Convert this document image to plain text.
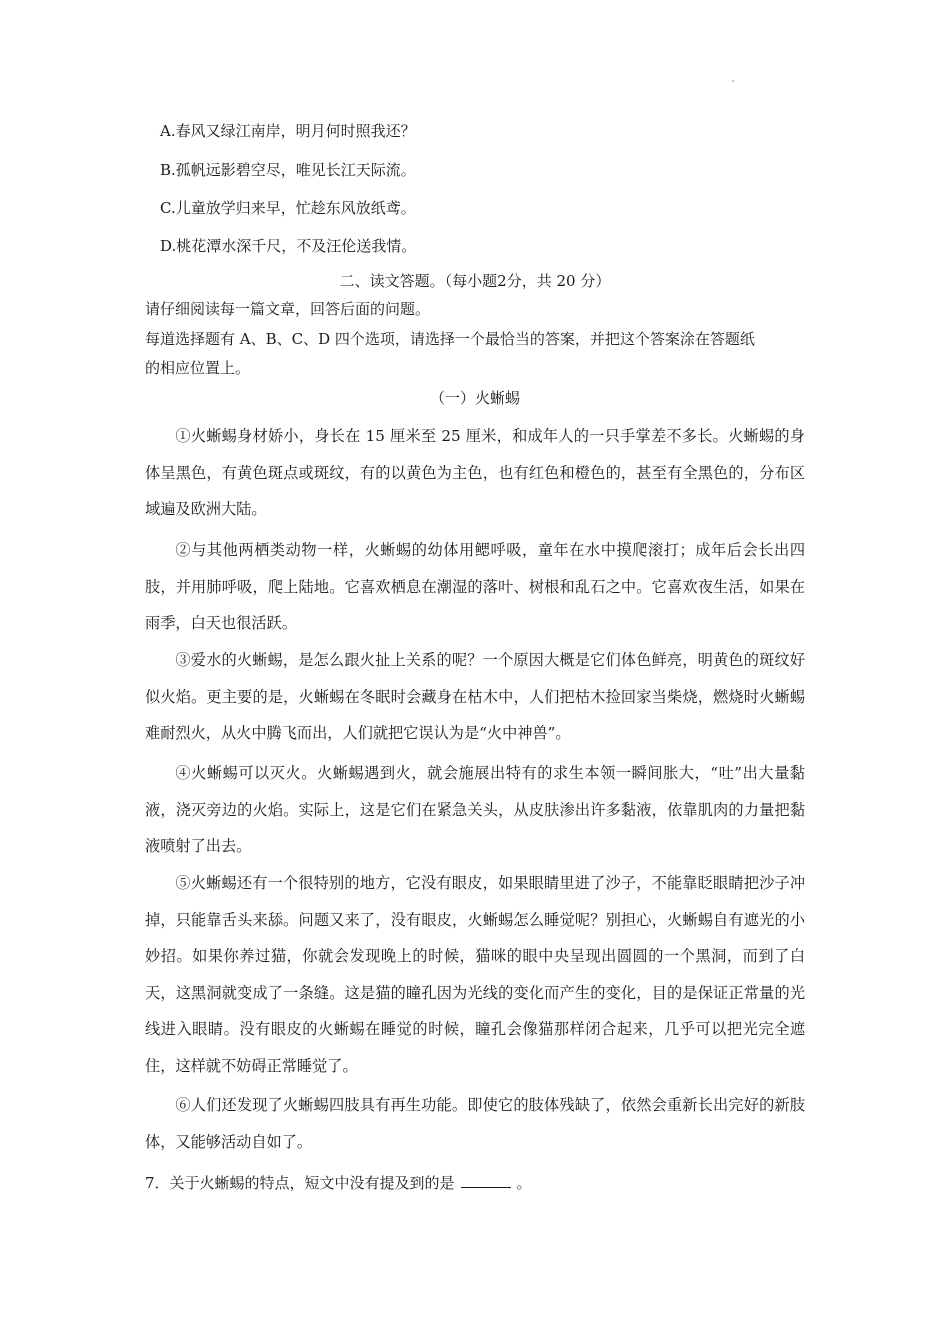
A.春风又绿江南岸，明月何时照我还？
B.孤帆远影碧空尽，唯见长江天际流。
C.儿童放学归来早，忙趁东风放纸鸢。
D.桃花潭水深千尺，不及汪伦送我情。
二、读文答题。（每小题2分，共 20 分）
请仔细阅读每一篇文章，回答后面的问题。
每道选择题有 A、B、C、D 四个选项，请选择一个最恰当的答案，并把这个答案涂在答题纸
的相应位置上。
（一）火蜥蜴
①火蜥蜴身材娇小，身长在 15 厘米至 25 厘米，和成年人的一只手掌差不多长。火蜥蜴的身体呈黑色，有黄色斑点或斑纹，有的以黄色为主色，也有红色和橙色的，甚至有全黑色的，分布区域遍及欧洲大陆。
②与其他两栖类动物一样，火蜥蜴的幼体用鳃呼吸，童年在水中摸爬滚打；成年后会长出四肢，并用肺呼吸，爬上陆地。它喜欢栖息在潮湿的落叶、树根和乱石之中。它喜欢夜生活，如果在雨季，白天也很活跃。
③爱水的火蜥蜴，是怎么跟火扯上关系的呢？一个原因大概是它们体色鲜亮，明黄色的斑纹好似火焰。更主要的是，火蜥蜴在冬眠时会藏身在枯木中，人们把枯木捡回家当柴烧，燃烧时火蜥蜴难耐烈火，从火中腾飞而出，人们就把它误认为是“火中神兽”。
④火蜥蜴可以灭火。火蜥蜴遇到火，就会施展出特有的求生本领一瞬间胀大，“吐”出大量黏液，浇灭旁边的火焰。实际上，这是它们在紧急关头，从皮肤渗出许多黏液，依靠肌肉的力量把黏液喷射了出去。
⑤火蜥蜴还有一个很特别的地方，它没有眼皮，如果眼睛里进了沙子，不能靠眨眼睛把沙子冲掉，只能靠舌头来舔。问题又来了，没有眼皮，火蜥蜴怎么睡觉呢？别担心，火蜥蜴自有遮光的小妙招。如果你养过猫，你就会发现晚上的时候，猫咪的眼中央呈现出圆圆的一个黑洞，而到了白天，这黑洞就变成了一条缝。这是猫的瞳孔因为光线的变化而产生的变化，目的是保证正常量的光线进入眼睛。没有眼皮的火蜥蜴在睡觉的时候，瞳孔会像猫那样闭合起来，几乎可以把光完全遮住，这样就不妨碍正常睡觉了。
⑥人们还发现了火蜥蜴四肢具有再生功能。即使它的肢体残缺了，依然会重新长出完好的新肢体，又能够活动自如了。
7．关于火蜥蜴的特点，短文中没有提及到的是	。
